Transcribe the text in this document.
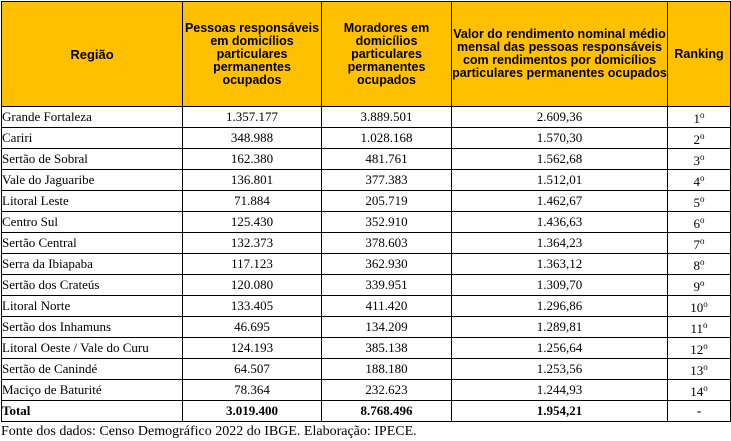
Região	Pessoas responsáveis em domicílios particulares permanentes ocupados	Moradores em domicílios particulares permanentes ocupados	Valor do rendimento nominal médio mensal das pessoas responsáveis com rendimentos por domicílios particulares permanentes ocupados	Ranking
Grande Fortaleza	1.357.177	3.889.501	2.609,36	1$^o$
Cariri	348.988	1.028.168	1.570,30	2$^o$
Sertão de Sobral	162.380	481.761	1.562,68	3$^o$
Vale do Jaguaribe	136.801	377.383	1.512,01	4$^o$
Litoral Leste	71.884	205.719	1.462,67	5$^o$
Centro Sul	125.430	352.910	1.436,63	6$^o$
Sertão Central	132.373	378.603	1.364,23	7$^o$
Serra da Ibiapaba	117.123	362.930	1.363,12	8$^o$
Sertão dos Crateús	120.080	339.951	1.309,70	9$^o$
Litoral Norte	133.405	411.420	1.296,86	10$^o$
Sertão dos Inhamuns	46.695	134.209	1.289,81	11$^o$
Litoral Oeste / Vale do Curu	124.193	385.138	1.256,64	12$^o$
Sertão de Canindé	64.507	188.180	1.253,56	13$^o$
Maciço de Baturité	78.364	232.623	1.244,93	14$^o$
Total	3.019.400	8.768.496	1.954,21	-
Fonte dos dados: Censo Demográfico 2022 do IBGE. Elaboração: IPECE.
